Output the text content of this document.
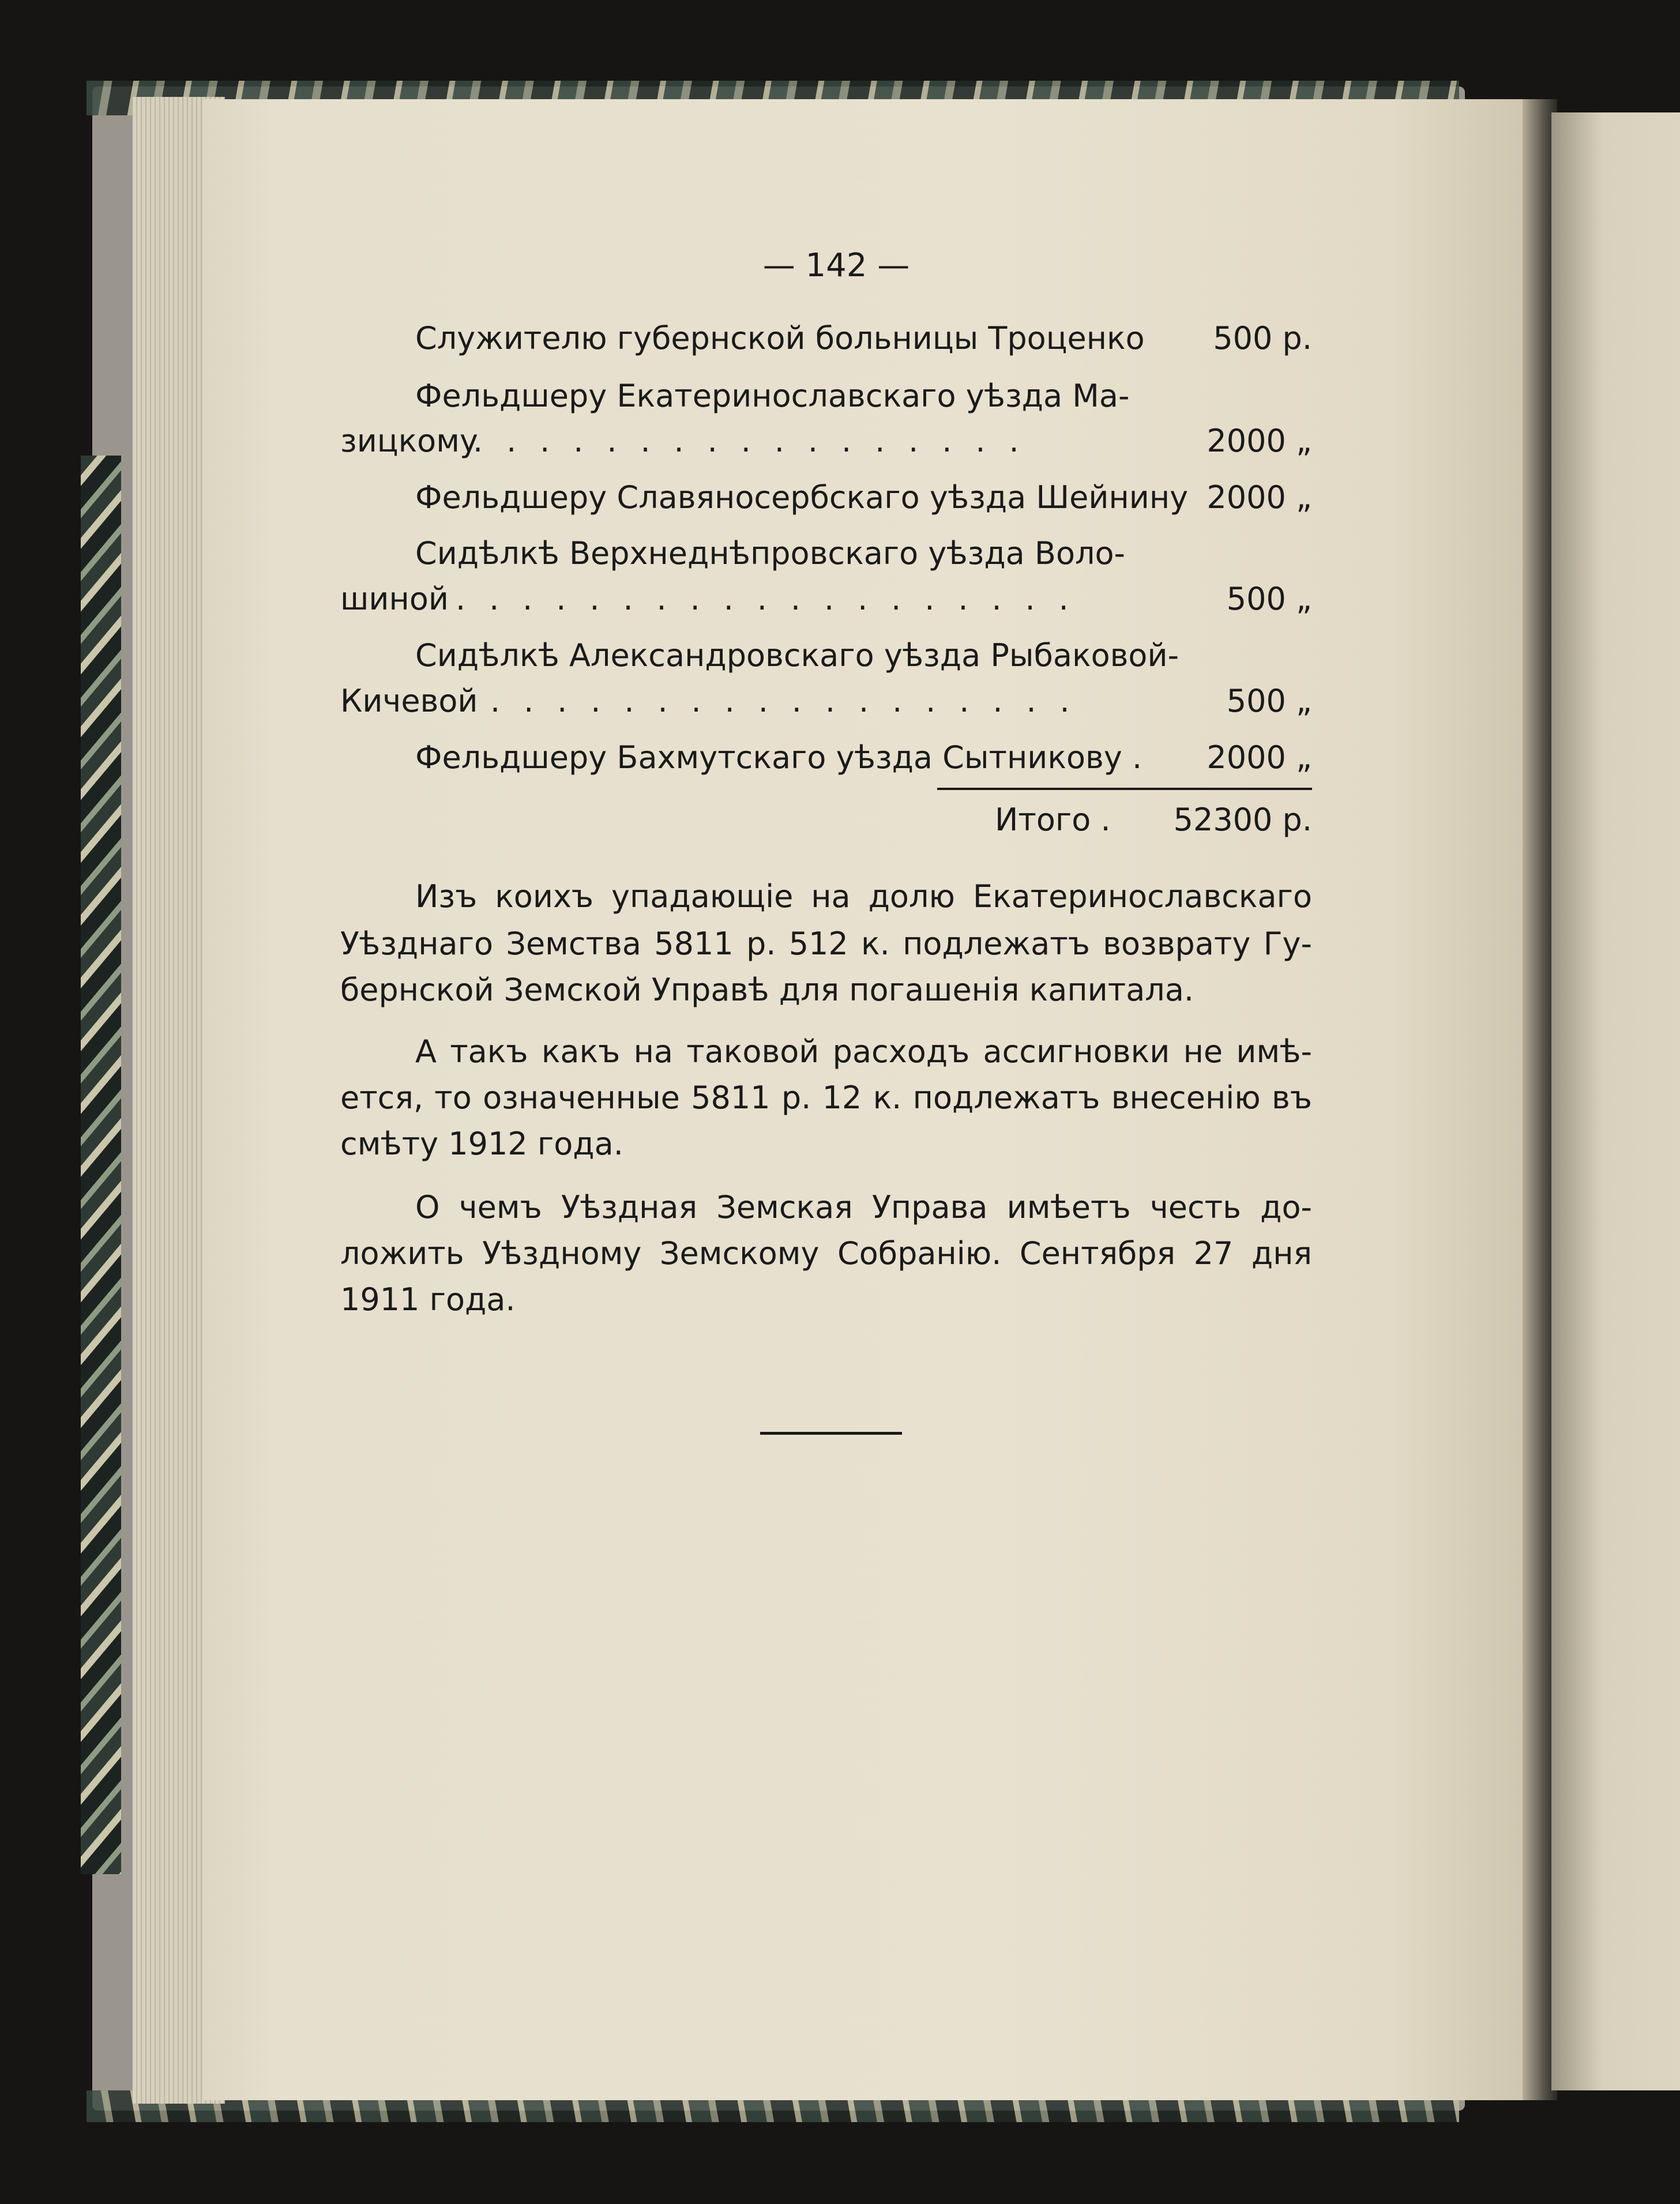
— 142 —
Служителю губернской больницы Троценко	500 р.
Фельдшеру Екатеринославскаго уѣзда Ма-
зицкому
. . . . . . . . . . . . . . . . .	2000 „
Фельдшеру Славяносербскаго уѣзда Шейнину 2000 „
Сидѣлкѣ Верхнеднѣпровскаго уѣзда Воло-
шиной . . . . . . . . . . . . . . . . . . .	500 „
Сидѣлкѣ Александровскаго уѣзда Рыбаковой-
Кичевой . . . . . . . . . . . . . . . . . .	500 „
Фельдшеру Бахмутскаго уѣзда Сытникову .	2000 „
Итого .	52300 р.
Изъ коихъ упадающіе на долю Екатеринославскаго
Уѣзднаго Земства 5811 р. 512 к. подлежатъ возврату Гу-
бернской Земской Управѣ для погашенія капитала.
А такъ какъ на таковой расходъ ассигновки не имѣ-
ется, то означенные 5811 р. 12 к. подлежатъ внесенію въ
смѣту 1912 года.
О чемъ Уѣздная Земская Управа имѣетъ честь до-
ложить Уѣздному Земскому Собранію. Сентября 27 дня
1911 года.
